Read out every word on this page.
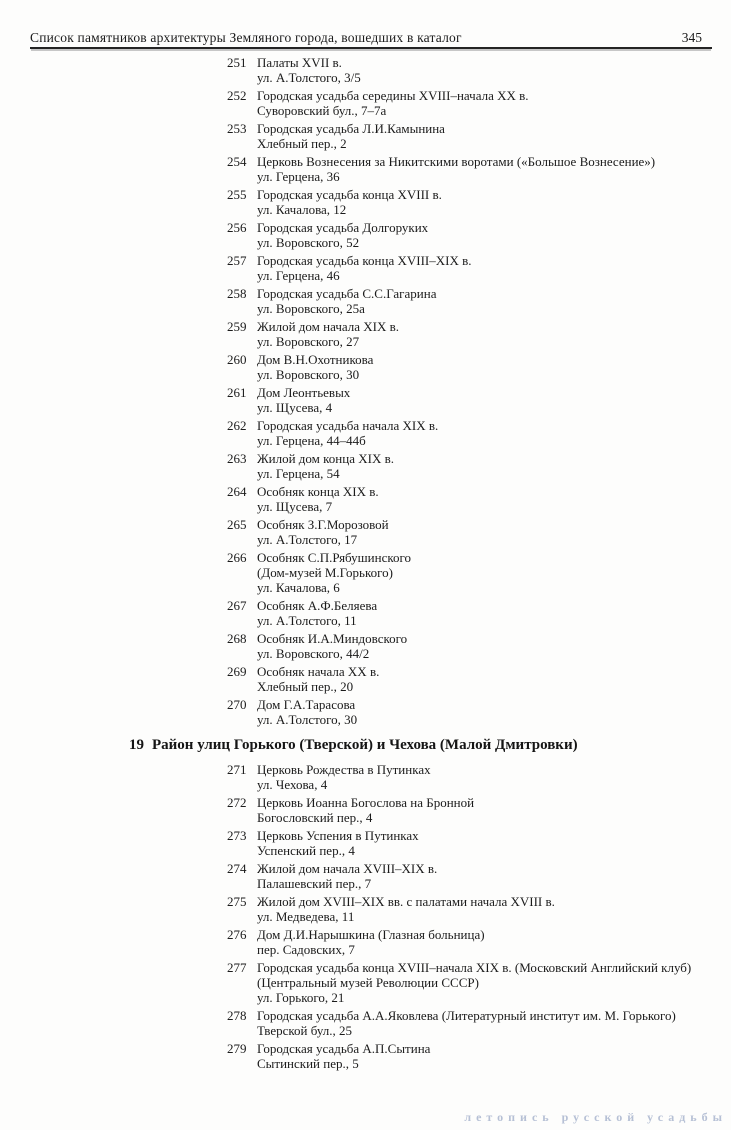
Список памятников архитектуры Земляного города, вошедших в каталог	345
251 Палаты XVII в.
ул. А.Толстого, 3/5
252 Городская усадьба середины XVIII–начала XX в.
Суворовский бул., 7–7а
253 Городская усадьба Л.И.Камынина
Хлебный пер., 2
254 Церковь Вознесения за Никитскими воротами («Большое Вознесение»)
ул. Герцена, 36
255 Городская усадьба конца XVIII в.
ул. Качалова, 12
256 Городская усадьба Долгоруких
ул. Воровского, 52
257 Городская усадьба конца XVIII–XIX в.
ул. Герцена, 46
258 Городская усадьба С.С.Гагарина
ул. Воровского, 25а
259 Жилой дом начала XIX в.
ул. Воровского, 27
260 Дом В.Н.Охотникова
ул. Воровского, 30
261 Дом Леонтьевых
ул. Щусева, 4
262 Городская усадьба начала XIX в.
ул. Герцена, 44–44б
263 Жилой дом конца XIX в.
ул. Герцена, 54
264 Особняк конца XIX в.
ул. Щусева, 7
265 Особняк З.Г.Морозовой
ул. А.Толстого, 17
266 Особняк С.П.Рябушинского
(Дом-музей М.Горького)
ул. Качалова, 6
267 Особняк А.Ф.Беляева
ул. А.Толстого, 11
268 Особняк И.А.Миндовского
ул. Воровского, 44/2
269 Особняк начала XX в.
Хлебный пер., 20
270 Дом Г.А.Тарасова
ул. А.Толстого, 30
19 Район улиц Горького (Тверской) и Чехова (Малой Дмитровки)
271 Церковь Рождества в Путинках
ул. Чехова, 4
272 Церковь Иоанна Богослова на Бронной
Богословский пер., 4
273 Церковь Успения в Путинках
Успенский пер., 4
274 Жилой дом начала XVIII–XIX в.
Палашевский пер., 7
275 Жилой дом XVIII–XIX вв. с палатами начала XVIII в.
ул. Медведева, 11
276 Дом Д.И.Нарышкина (Глазная больница)
пер. Садовских, 7
277 Городская усадьба конца XVIII–начала XIX в. (Московский Английский клуб)
(Центральный музей Революции СССР)
ул. Горького, 21
278 Городская усадьба А.А.Яковлева (Литературный институт им. М. Горького)
Тверской бул., 25
279 Городская усадьба А.П.Сытина
Сытинский пер., 5
летопись русской усадьбы
